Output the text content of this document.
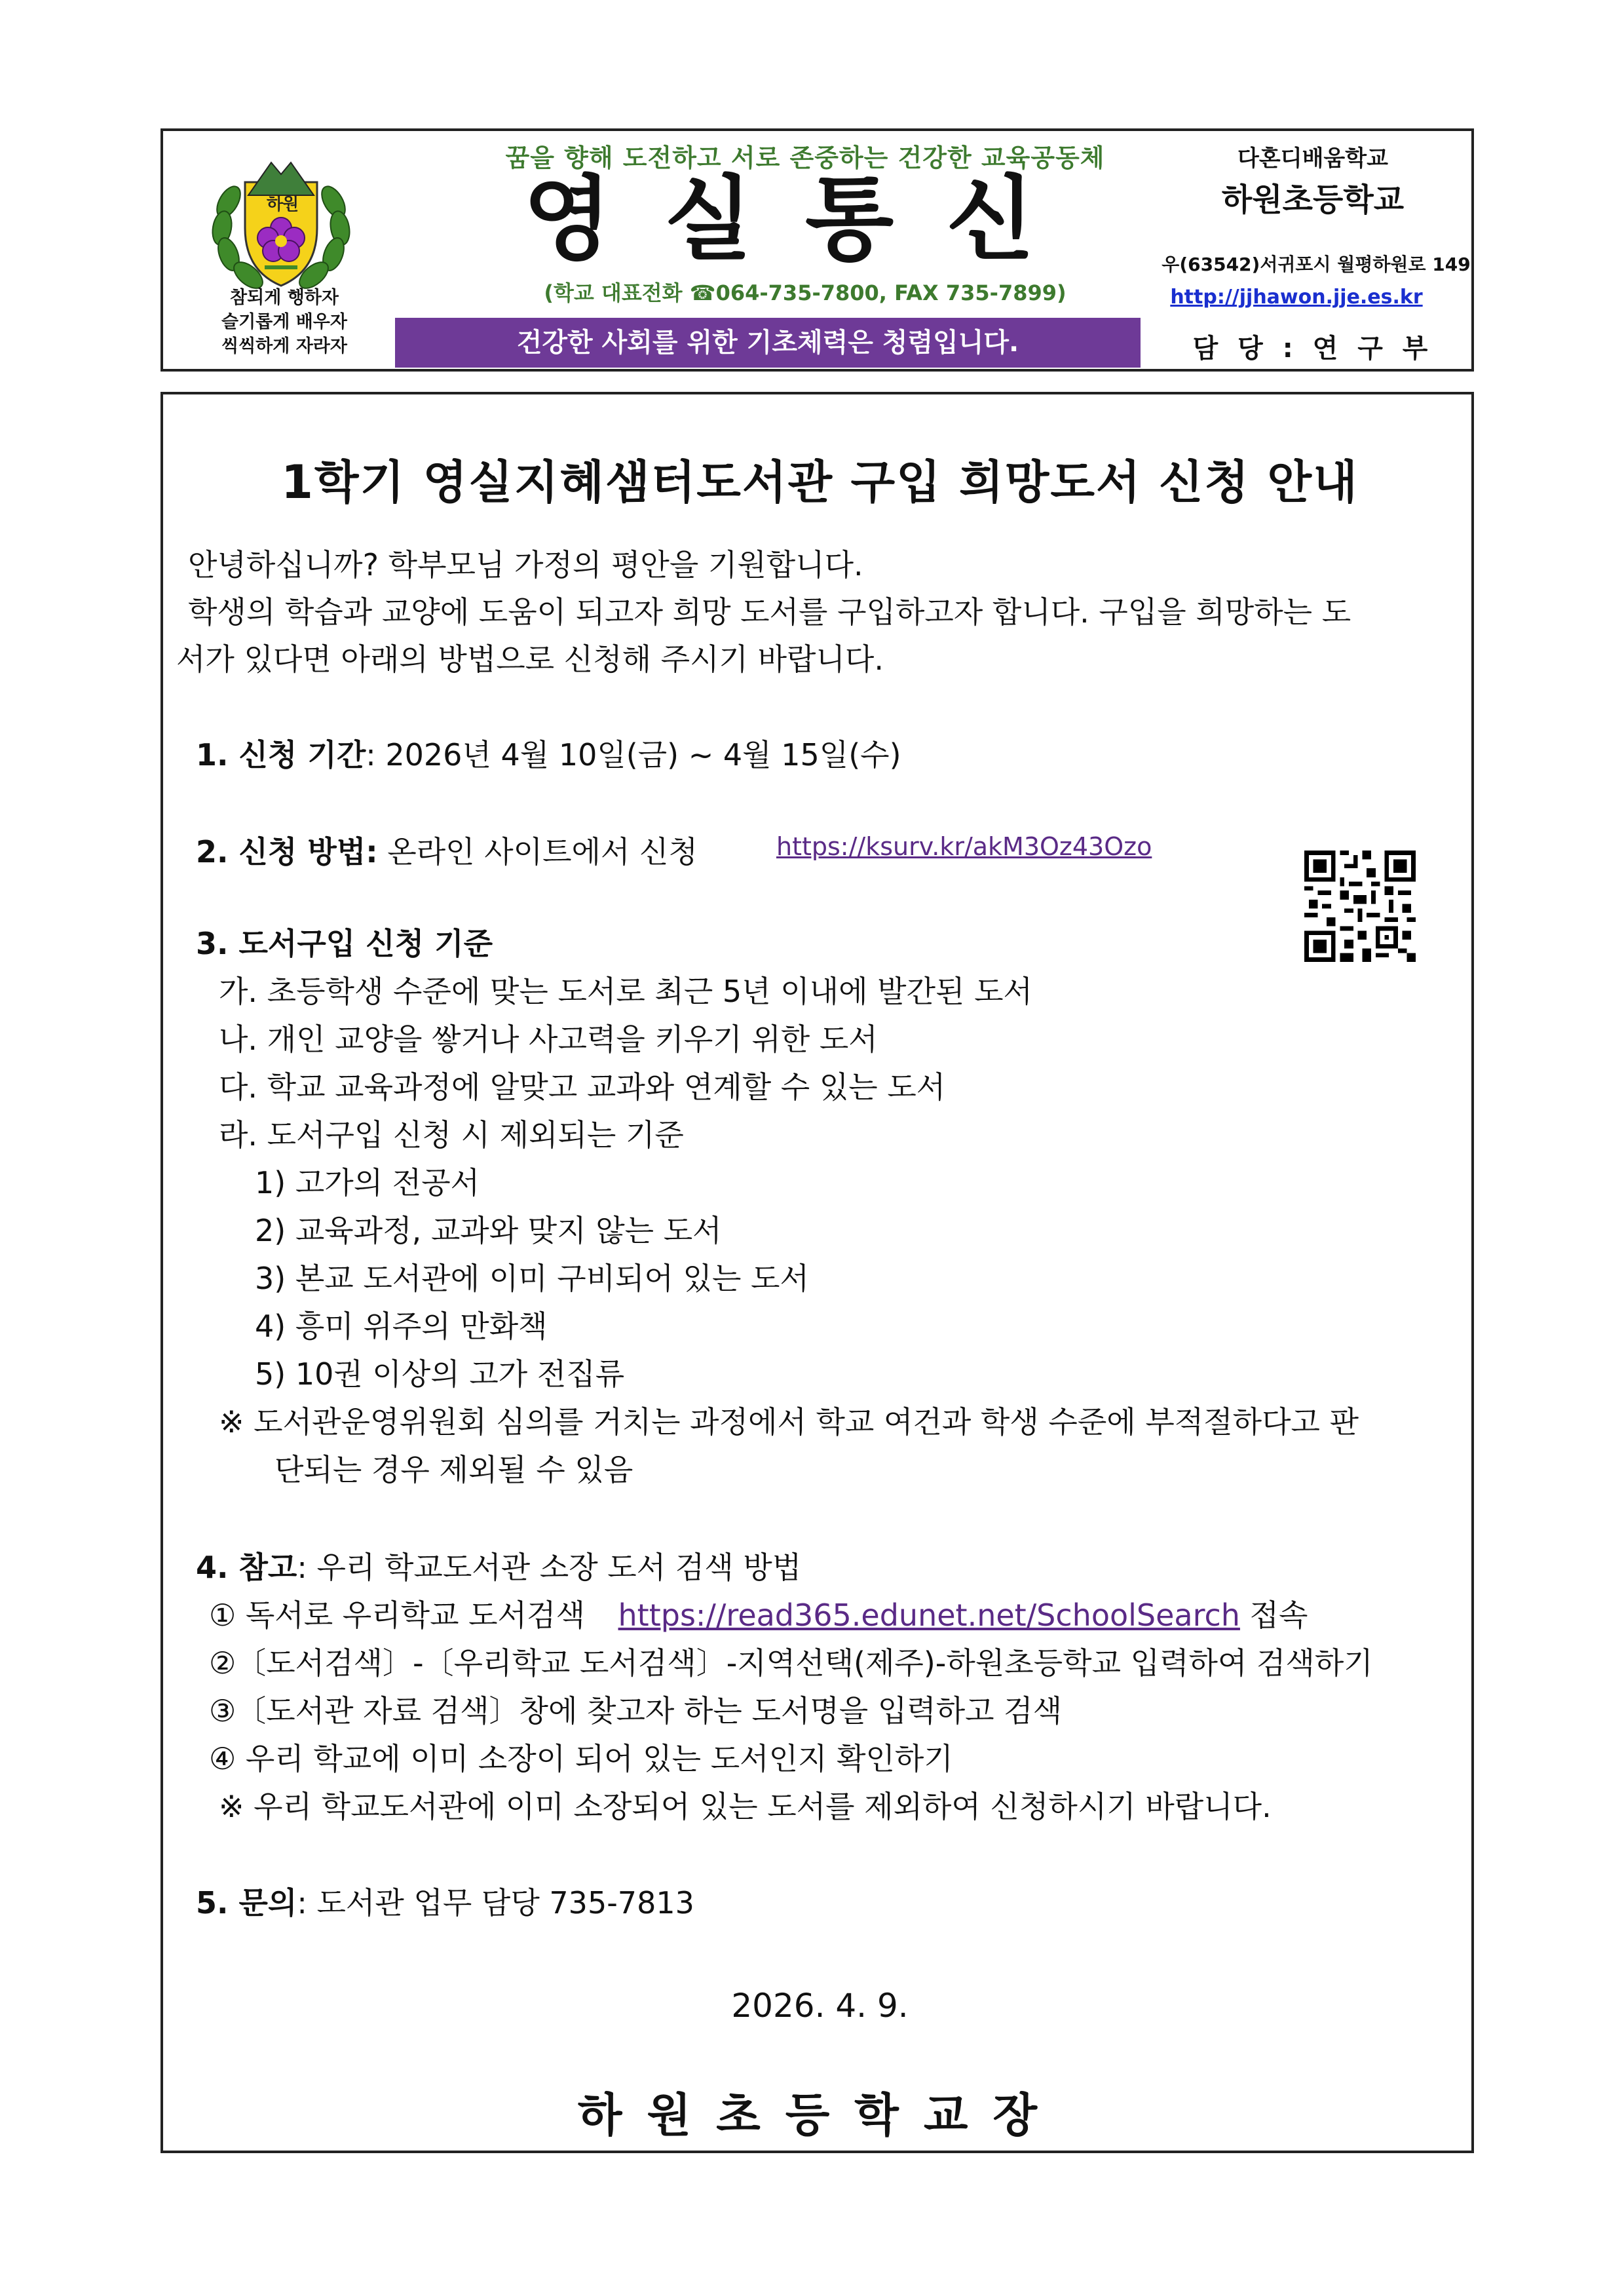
하
원
참되게 행하자
슬기롭게 배우자
씩씩하게 자라자
꿈을 향해 도전하고 서로 존중하는 건강한 교육공동체
영실통신
(학교 대표전화 ☎064-735-7800, FAX 735-7899)
건강한 사회를 위한 기초체력은 청렴입니다.
다혼디배움학교
하원초등학교
우(63542)서귀포시 월평하원로 149
http://jjhawon.jje.es.kr
담 당 : 연 구 부
1학기 영실지혜샘터도서관 구입 희망도서 신청 안내
안녕하십니까? 학부모님 가정의 평안을 기원합니다.
학생의 학습과 교양에 도움이 되고자 희망 도서를 구입하고자 합니다. 구입을 희망하는 도
서가 있다면 아래의 방법으로 신청해 주시기 바랍니다.
1. 신청 기간: 2026년 4월 10일(금) ~ 4월 15일(수)
2. 신청 방법: 온라인 사이트에서 신청	https://ksurv.kr/akM3Oz43Ozo
3. 도서구입 신청 기준
가. 초등학생 수준에 맞는 도서로 최근 5년 이내에 발간된 도서
나. 개인 교양을 쌓거나 사고력을 키우기 위한 도서
다. 학교 교육과정에 알맞고 교과와 연계할 수 있는 도서
라. 도서구입 신청 시 제외되는 기준
1) 고가의 전공서
2) 교육과정, 교과와 맞지 않는 도서
3) 본교 도서관에 이미 구비되어 있는 도서
4) 흥미 위주의 만화책
5) 10권 이상의 고가 전집류
※ 도서관운영위원회 심의를 거치는 과정에서 학교 여건과 학생 수준에 부적절하다고 판
단되는 경우 제외될 수 있음
4. 참고: 우리 학교도서관 소장 도서 검색 방법
① 독서로 우리학교 도서검색 https://read365.edunet.net/SchoolSearch 접속
②〔도서검색〕-〔우리학교 도서검색〕-지역선택(제주)-하원초등학교 입력하여 검색하기
③〔도서관 자료 검색〕창에 찾고자 하는 도서명을 입력하고 검색
④ 우리 학교에 이미 소장이 되어 있는 도서인지 확인하기
※ 우리 학교도서관에 이미 소장되어 있는 도서를 제외하여 신청하시기 바랍니다.
5. 문의: 도서관 업무 담당 735-7813
2026. 4. 9.
하원초등학교장
